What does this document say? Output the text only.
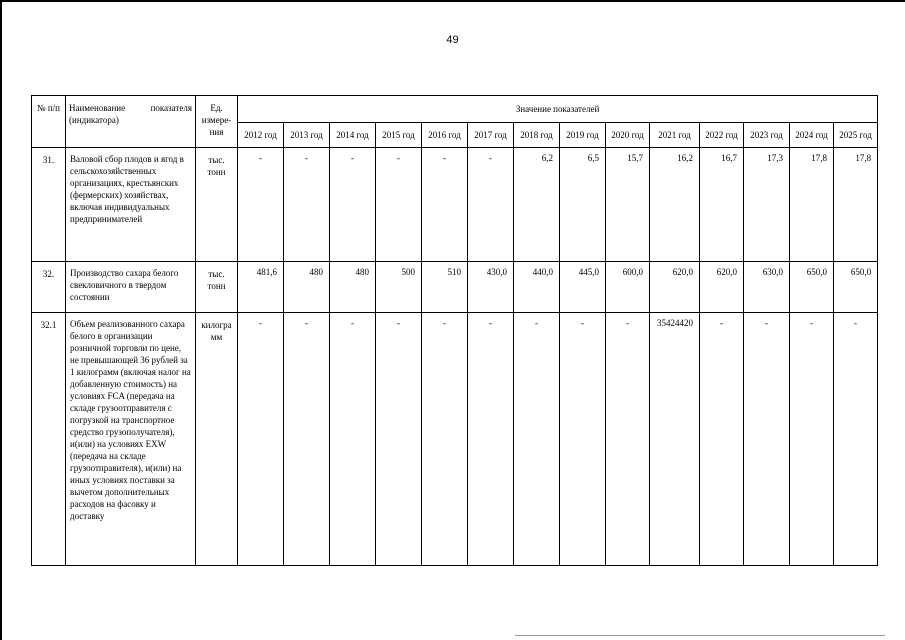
49
№ п/п	Наименование показателя (индикатора)	Ед. измере-ния	Значение показателей													
			2012 год	2013 год	2014 год	2015 год	2016 год	2017 год	2018 год	2019 год	2020 год	2021 год	2022 год	2023 год	2024 год	2025 год
31.	Валовой сбор плодов и ягод в сельскохозяйственных организациях, крестьянских (фермерских) хозяйствах, включая индивидуальных предпринимателей	тыс. тонн	-	-	-	-	-	-	6,2	6,5	15,7	16,2	16,7	17,3	17,8	17,8
32.	Производство сахара белого свекловичного в твердом состоянии	тыс. тонн	481,6	480	480	500	510	430,0	440,0	445,0	600,0	620,0	620,0	630,0	650,0	650,0
32.1	Объем реализованного сахара белого в организации розничной торговли по цене, не превышающей 36 рублей за 1 килограмм (включая налог на добавленную стоимость) на условиях FCA (передача на складе грузоотправителя с погрузкой на транспортное средство грузополучателя), и(или) на условиях EXW (передача на складе грузоотправителя), и(или) на иных условиях поставки за вычетом дополнительных расходов на фасовку и доставку	килогра мм	-	-	-	-	-	-	-	-	-	35424420	-	-	-	-
